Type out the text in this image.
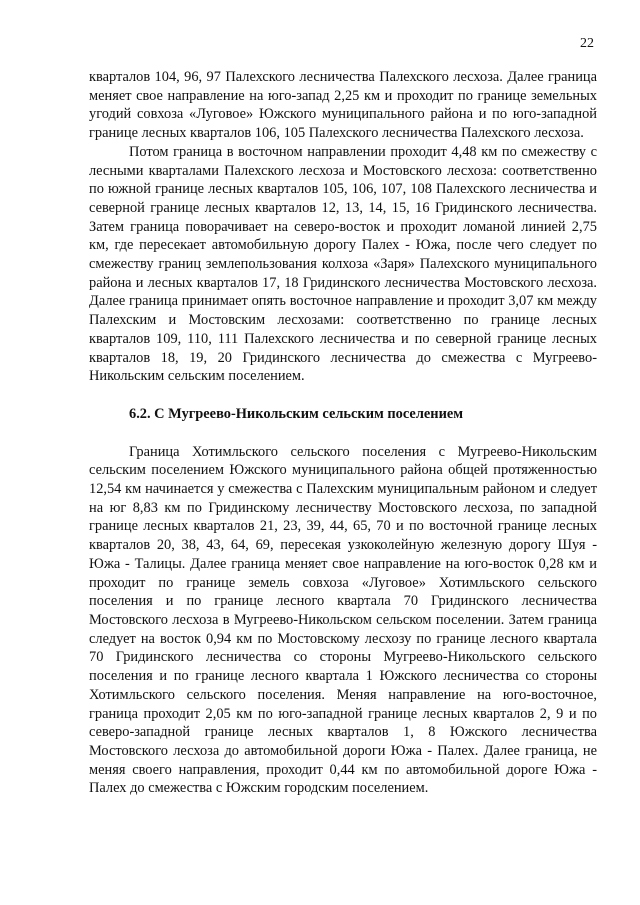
22

кварталов 104, 96, 97 Палехского лесничества Палехского лесхоза. Далее граница меняет свое направление на юго-запад 2,25 км и проходит по границе земельных угодий совхоза «Луговое» Южского муниципального района и по юго-западной границе лесных кварталов 106, 105 Палехского лесничества Палехского лесхоза.

Потом граница в восточном направлении проходит 4,48 км по смежеству с лесными кварталами Палехского лесхоза и Мостовского лесхоза: соответственно по южной границе лесных кварталов 105, 106, 107, 108 Палехского лесничества и северной границе лесных кварталов 12, 13, 14, 15, 16 Гридинского лесничества. Затем граница поворачивает на северо-восток и проходит ломаной линией 2,75 км, где пересекает автомобильную дорогу Палех - Южа, после чего следует по смежеству границ землепользования колхоза «Заря» Палехского муниципального района и лесных кварталов 17, 18 Гридинского лесничества Мостовского лесхоза. Далее граница принимает опять восточное направление и проходит 3,07 км между Палехским и Мостовским лесхозами: соответственно по границе лесных кварталов 109, 110, 111 Палехского лесничества и по северной границе лесных кварталов 18, 19, 20 Гридинского лесничества до смежества с Мугреево-Никольским сельским поселением.

6.2. С Мугреево-Никольским сельским поселением

Граница Хотимльского сельского поселения с Мугреево-Никольским сельским поселением Южского муниципального района общей протяженностью 12,54 км начинается у смежества с Палехским муниципальным районом и следует на юг 8,83 км по Гридинскому лесничеству Мостовского лесхоза, по западной границе лесных кварталов 21, 23, 39, 44, 65, 70 и по восточной границе лесных кварталов 20, 38, 43, 64, 69, пересекая узкоколейную железную дорогу Шуя - Южа - Талицы. Далее граница меняет свое направление на юго-восток 0,28 км и проходит по границе земель совхоза «Луговое» Хотимльского сельского поселения и по границе лесного квартала 70 Гридинского лесничества Мостовского лесхоза в Мугреево-Никольском сельском поселении. Затем граница следует на восток 0,94 км по Мостовскому лесхозу по границе лесного квартала 70 Гридинского лесничества со стороны Мугреево-Никольского сельского поселения и по границе лесного квартала 1 Южского лесничества со стороны Хотимльского сельского поселения. Меняя направление на юго-восточное, граница проходит 2,05 км по юго-западной границе лесных кварталов 2, 9 и по северо-западной границе лесных кварталов 1, 8 Южского лесничества Мостовского лесхоза до автомобильной дороги Южа - Палех. Далее граница, не меняя своего направления, проходит 0,44 км по автомобильной дороге Южа - Палех до смежества с Южским городским поселением.
